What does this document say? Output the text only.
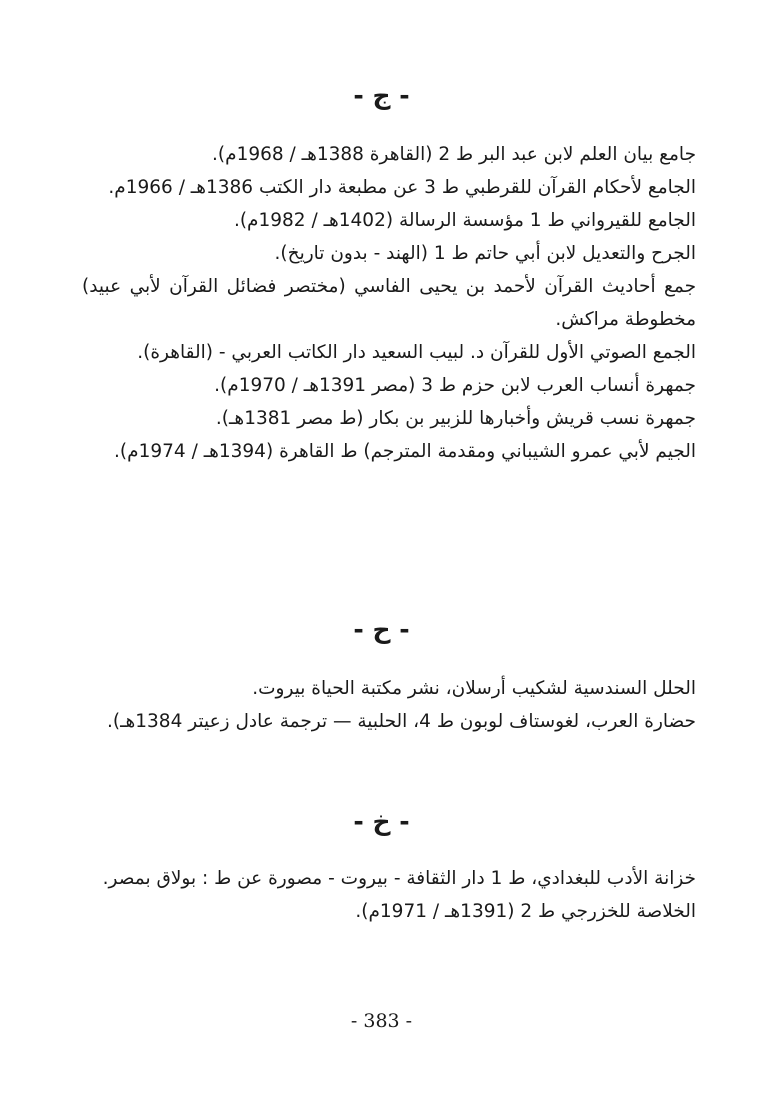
- ج -

جامع بيان العلم لابن عبد البر ط 2 (القاهرة 1388هـ / 1968م).

الجامع لأحكام القرآن للقرطبي ط 3 عن مطبعة دار الكتب 1386هـ / 1966م.

الجامع للقيرواني ط 1 مؤسسة الرسالة (1402هـ / 1982م).

الجرح والتعديل لابن أبي حاتم ط 1 (الهند - بدون تاريخ).

جمع أحاديث القرآن لأحمد بن يحيى الفاسي (مختصر فضائل القرآن لأبي عبيد) مخطوطة مراكش.

الجمع الصوتي الأول للقرآن د. لبيب السعيد دار الكاتب العربي - (القاهرة).

جمهرة أنساب العرب لابن حزم ط 3 (مصر 1391هـ / 1970م).

جمهرة نسب قريش وأخبارها للزبير بن بكار (ط مصر 1381هـ).

الجيم لأبي عمرو الشيباني ومقدمة المترجم) ط القاهرة (1394هـ / 1974م).

- ح -

الحلل السندسية لشكيب أرسلان، نشر مكتبة الحياة بيروت.

حضارة العرب، لغوستاف لوبون ط 4، الحلبية — ترجمة عادل زعيتر 1384هـ).

- خ -

خزانة الأدب للبغدادي، ط 1 دار الثقافة - بيروت - مصورة عن ط : بولاق بمصر.

الخلاصة للخزرجي ط 2 (1391هـ / 1971م).

- 383 -
